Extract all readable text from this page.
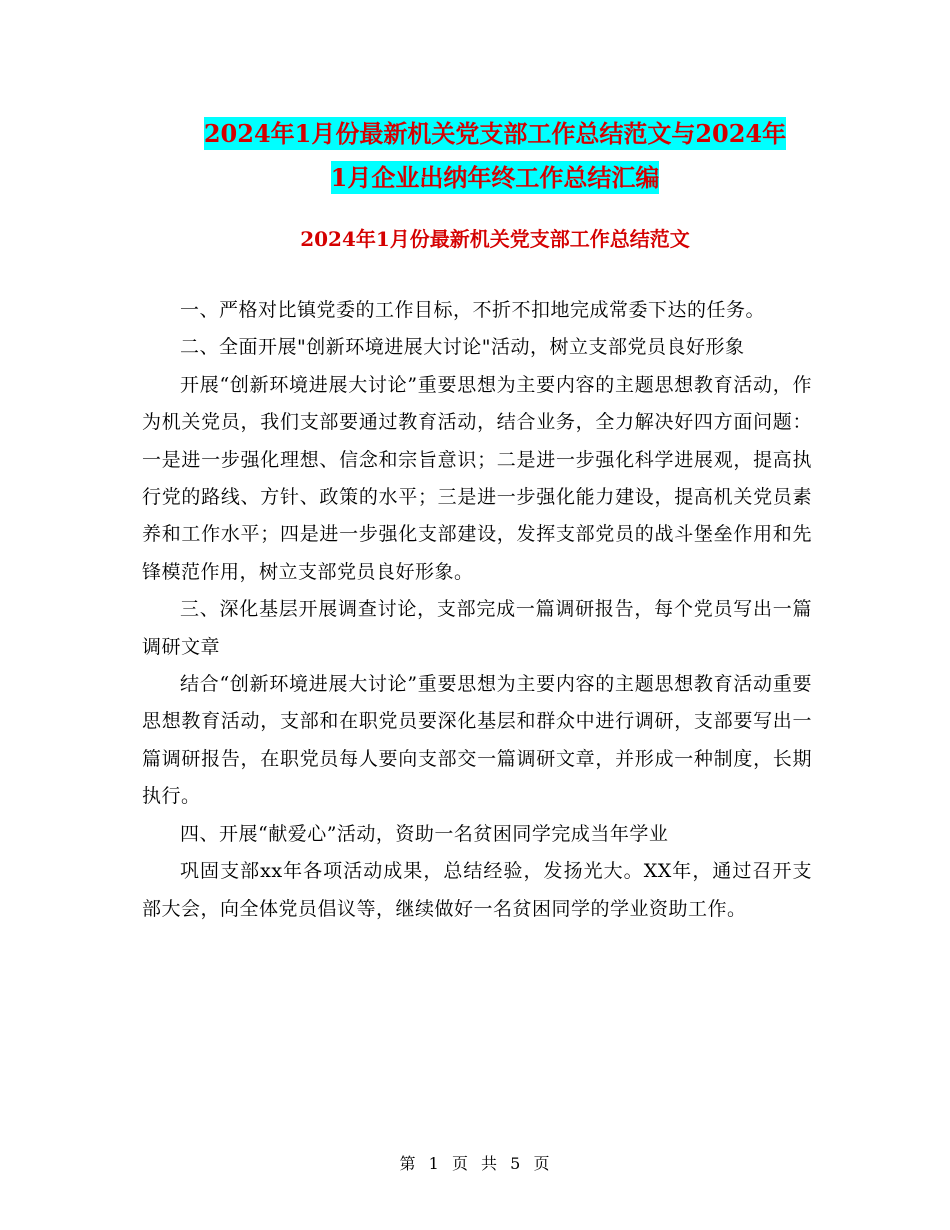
2024年1月份最新机关党支部工作总结范文与2024年
1月企业出纳年终工作总结汇编
2024年1月份最新机关党支部工作总结范文

一、严格对比镇党委的工作目标，不折不扣地完成常委下达的任务。

二、全面开展"创新环境进展大讨论"活动，树立支部党员良好形象

开展“创新环境进展大讨论”重要思想为主要内容的主题思想教育活动，作为机关党员，我们支部要通过教育活动，结合业务，全力解决好四方面问题：一是进一步强化理想、信念和宗旨意识；二是进一步强化科学进展观，提高执行党的路线、方针、政策的水平；三是进一步强化能力建设，提高机关党员素养和工作水平；四是进一步强化支部建设，发挥支部党员的战斗堡垒作用和先锋模范作用，树立支部党员良好形象。

三、深化基层开展调查讨论，支部完成一篇调研报告，每个党员写出一篇调研文章

结合“创新环境进展大讨论”重要思想为主要内容的主题思想教育活动重要思想教育活动，支部和在职党员要深化基层和群众中进行调研，支部要写出一篇调研报告，在职党员每人要向支部交一篇调研文章，并形成一种制度，长期执行。

四、开展“献爱心”活动，资助一名贫困同学完成当年学业

巩固支部xx年各项活动成果，总结经验，发扬光大。XX年，通过召开支部大会，向全体党员倡议等，继续做好一名贫困同学的学业资助工作。

第 1 页 共 5 页
